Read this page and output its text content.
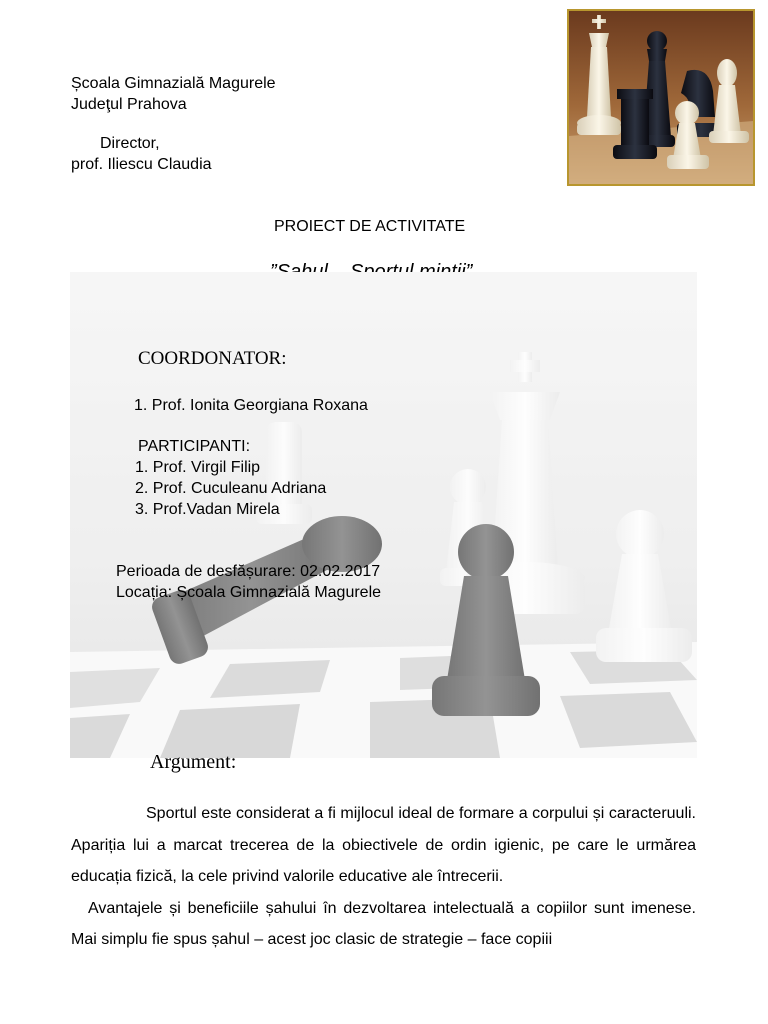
Școala Gimnazială Magurele
Judeţul Prahova
Director,
prof. Iliescu Claudia
PROIECT DE ACTIVITATE
COORDONATOR:
1. Prof. Ionita Georgiana Roxana
PARTICIPANTI:
1. Prof. Virgil Filip
2. Prof. Cuculeanu Adriana
3. Prof.Vadan Mirela
Perioada de desfășurare: 02.02.2017
Locația: Școala Gimnazială Magurele
Argument:

Sportul este considerat a fi mijlocul ideal de formare a corpului și caracteruuli. Apariția lui a marcat trecerea de la obiectivele de ordin igienic, pe care le urmărea educația fizică, la cele privind valorile educative ale întrecerii.

Avantajele și beneficiile șahului în dezvoltarea intelectuală a copiilor sunt imenese. Mai simplu fie spus șahul – acest joc clasic de strategie – face copiii
